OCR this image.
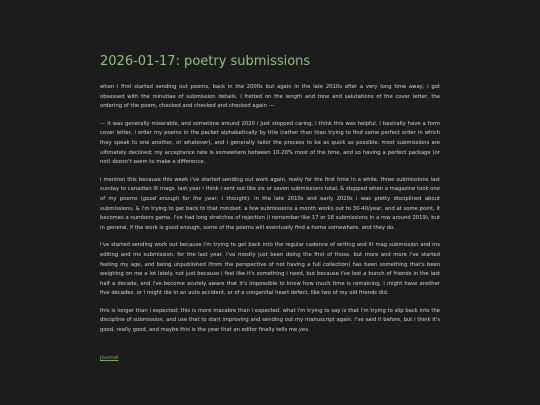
2026-01-17: poetry submissions

when i first started sending out poems, back in the 2000s but again in the late 2010s after a very long time away, i got obsessed with the minutiae of submission details. i fretted on the length and tone and salutations of the cover letter, the ordering of the poem, checked and checked and checked again —

— it was generally miserable, and sometime around 2020 i just stopped caring. i think this was helpful. i basically have a form cover letter, i order my poems in the packet alphabetically by title (rather than than trying to find some perfect order in which they speak to one another, or whatever), and i generally tailor the process to be as quick as possible. most submissions are ultimately declined; my acceptance rate is somewhere between 10-20% most of the time, and so having a perfect package (or not) doesn't seem to make a difference.

i mention this because this week i've started sending out work again, really for the first time in a while. three submissions last sunday to canadian lit mags. last year i think i sent out like six or seven submissions total, & stopped when a magazine took one of my poems (good enough for the year, i thought). in the late 2010s and early 2020s i was pretty disciplined about submissions, & i'm trying to get back to that mindset. a few submissions a month works out to 30-40/year, and at some point, it becomes a numbers game. i've had long stretches of rejection (i remember like 17 or 18 submissions in a row around 2019), but in general, if the work is good enough, some of the poems will eventually find a home somewhere. and they do.

i've started sending work out because i'm trying to get back into the regular cadence of writing and lit mag submission and ms editing and ms submission. for the last year, i've mostly just been doing the first of those. but more and more i've started feeling my age, and being unpublished (from the perspective of not having a full collection) has been something that's been weighing on me a lot lately. not just because i feel like it's something i need, but because i've lost a bunch of friends in the last half a decade, and i've become acutely aware that it's impossible to know how much time is remaining. i might have another five decades. or i might die in an auto accident, or of a congenital heart defect, like two of my old friends did.

this is longer than i expected; this is more macabre than i expected. what i'm trying to say is that i'm trying to slip back into the discipline of submission, and use that to start improving and sending out my manuscript again. i've said it before, but i think it's good, really good, and maybe this is the year that an editor finally tells me yes.

journal
